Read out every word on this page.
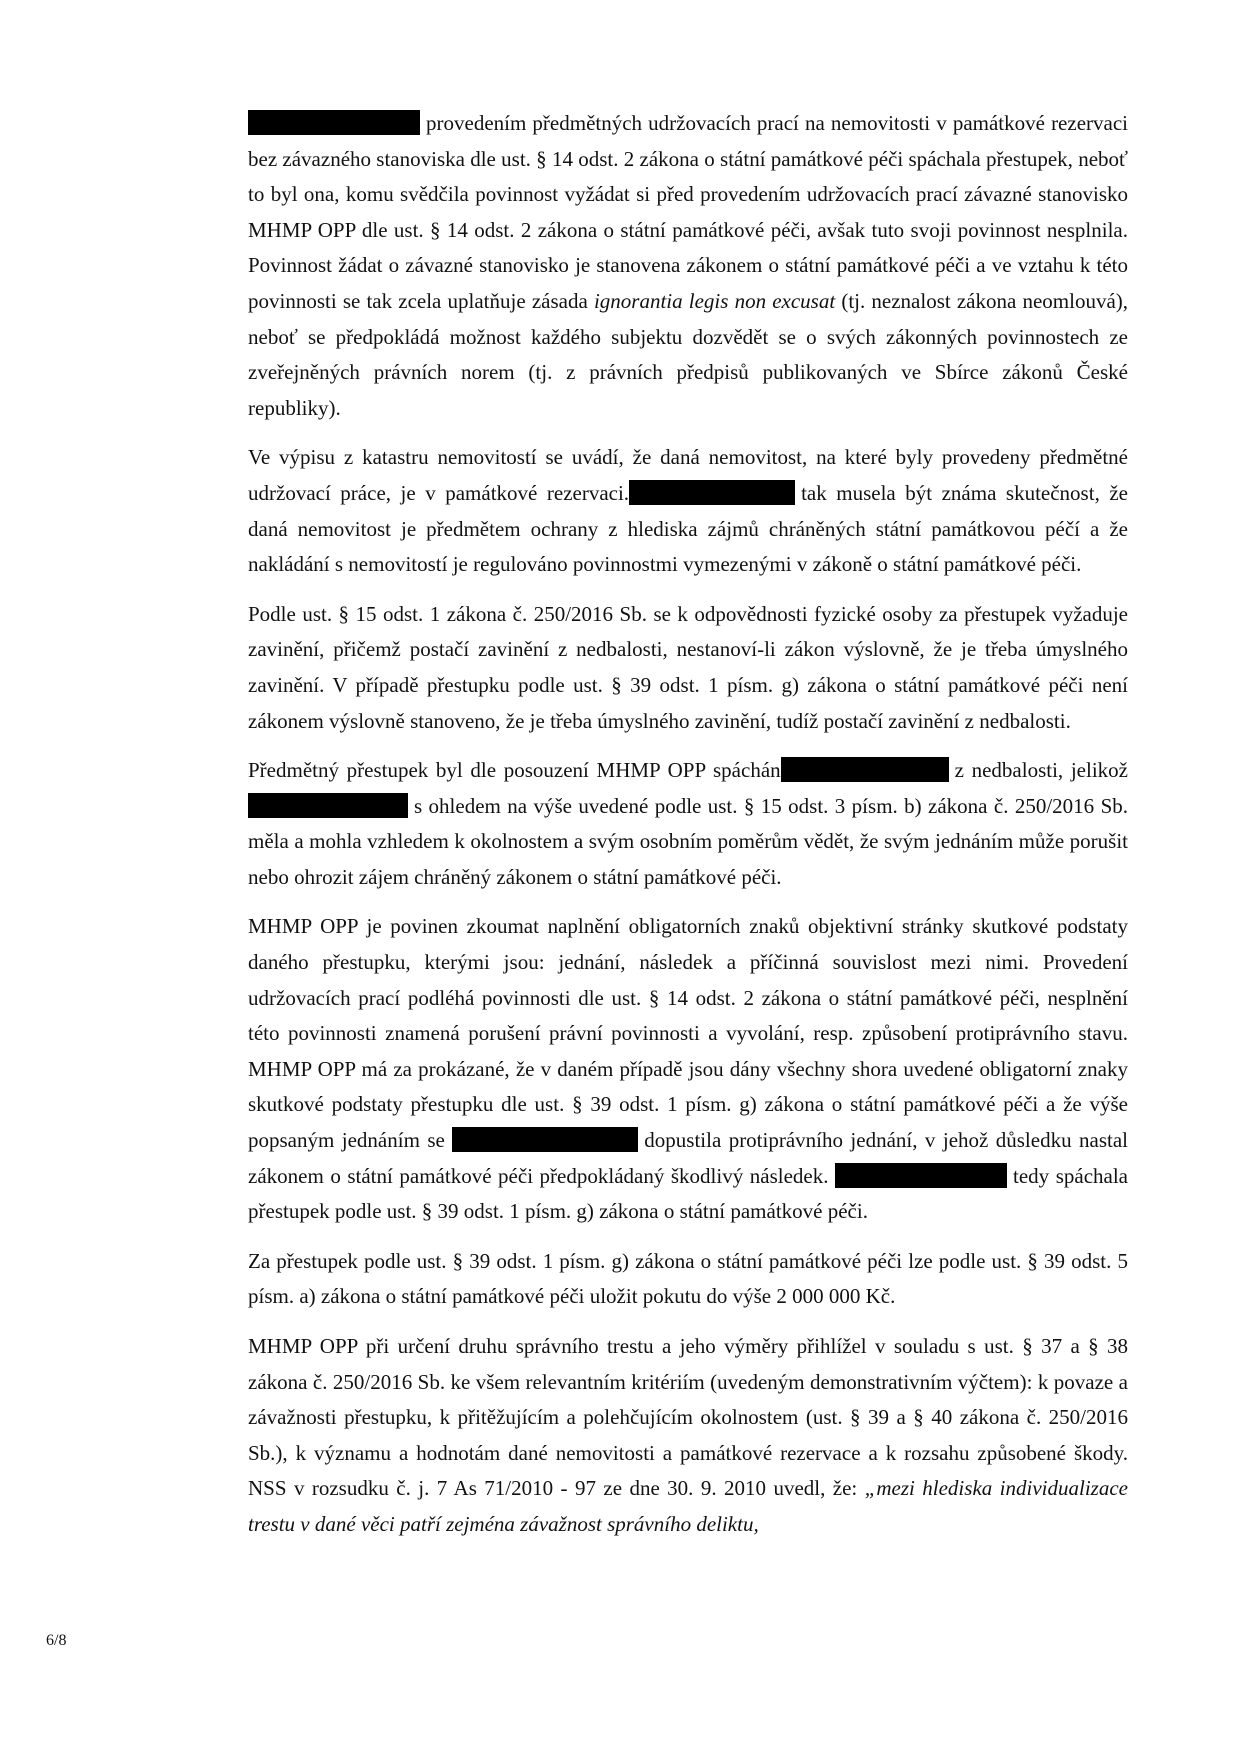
provedením předmětných udržovacích prací na nemovitosti v památkové rezervaci bez závazného stanoviska dle ust. § 14 odst. 2 zákona o státní památkové péči spáchala přestupek, neboť to byl ona, komu svědčila povinnost vyžádat si před provedením udržovacích prací závazné stanovisko MHMP OPP dle ust. § 14 odst. 2 zákona o státní památkové péči, avšak tuto svoji povinnost nesplnila. Povinnost žádat o závazné stanovisko je stanovena zákonem o státní památkové péči a ve vztahu k této povinnosti se tak zcela uplatňuje zásada ignorantia legis non excusat (tj. neznalost zákona neomlouvá), neboť se předpokládá možnost každého subjektu dozvědět se o svých zákonných povinnostech ze zveřejněných právních norem (tj. z právních předpisů publikovaných ve Sbírce zákonů České republiky).

Ve výpisu z katastru nemovitostí se uvádí, že daná nemovitost, na které byly provedeny předmětné udržovací práce, je v památkové rezervaci.	tak musela být známa skutečnost, že daná nemovitost je předmětem ochrany z hlediska zájmů chráněných státní památkovou péčí a že nakládání s nemovitostí je regulováno povinnostmi vymezenými v zákoně o státní památkové péči.

Podle ust. § 15 odst. 1 zákona č. 250/2016 Sb. se k odpovědnosti fyzické osoby za přestupek vyžaduje zavinění, přičemž postačí zavinění z nedbalosti, nestanoví-li zákon výslovně, že je třeba úmyslného zavinění. V případě přestupku podle ust. § 39 odst. 1 písm. g) zákona o státní památkové péči není zákonem výslovně stanoveno, že je třeba úmyslného zavinění, tudíž postačí zavinění z nedbalosti.

Předmětný přestupek byl dle posouzení MHMP OPP spáchán	z nedbalosti, jelikož s ohledem na výše uvedené podle ust. § 15 odst. 3 písm. b) zákona č. 250/2016 Sb. měla a mohla vzhledem k okolnostem a svým osobním poměrům vědět, že svým jednáním může porušit nebo ohrozit zájem chráněný zákonem o státní památkové péči.

MHMP OPP je povinen zkoumat naplnění obligatorních znaků objektivní stránky skutkové podstaty daného přestupku, kterými jsou: jednání, následek a příčinná souvislost mezi nimi. Provedení udržovacích prací podléhá povinnosti dle ust. § 14 odst. 2 zákona o státní památkové péči, nesplnění této povinnosti znamená porušení právní povinnosti a vyvolání, resp. způsobení protiprávního stavu. MHMP OPP má za prokázané, že v daném případě jsou dány všechny shora uvedené obligatorní znaky skutkové podstaty přestupku dle ust. § 39 odst. 1 písm. g) zákona o státní památkové péči a že výše popsaným jednáním se	dopustila protiprávního jednání, v jehož důsledku nastal zákonem o státní památkové péči předpokládaný škodlivý následek.	tedy spáchala přestupek podle ust. § 39 odst. 1 písm. g) zákona o státní památkové péči.

Za přestupek podle ust. § 39 odst. 1 písm. g) zákona o státní památkové péči lze podle ust. § 39 odst. 5 písm. a) zákona o státní památkové péči uložit pokutu do výše 2 000 000 Kč.

MHMP OPP při určení druhu správního trestu a jeho výměry přihlížel v souladu s ust. § 37 a § 38 zákona č. 250/2016 Sb. ke všem relevantním kritériím (uvedeným demonstrativním výčtem): k povaze a závažnosti přestupku, k přitěžujícím a polehčujícím okolnostem (ust. § 39 a § 40 zákona č. 250/2016 Sb.), k významu a hodnotám dané nemovitosti a památkové rezervace a k rozsahu způsobené škody. NSS v rozsudku č. j. 7 As 71/2010 - 97 ze dne 30. 9. 2010 uvedl, že: „mezi hlediska individualizace trestu v dané věci patří zejména závažnost správního deliktu,

6/8
